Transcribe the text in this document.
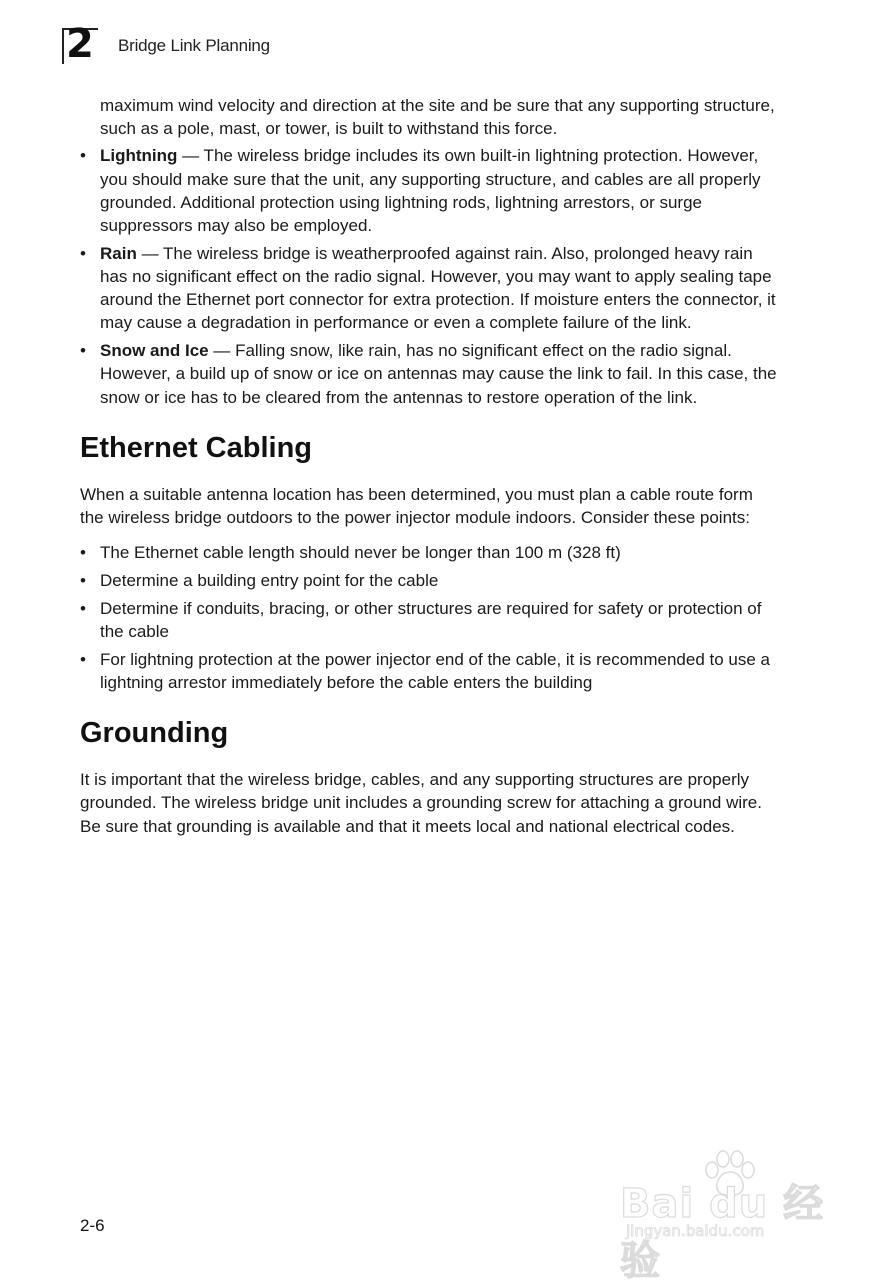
2 Bridge Link Planning

maximum wind velocity and direction at the site and be sure that any supporting structure, such as a pole, mast, or tower, is built to withstand this force.

• Lightning — The wireless bridge includes its own built-in lightning protection. However, you should make sure that the unit, any supporting structure, and cables are all properly grounded. Additional protection using lightning rods, lightning arrestors, or surge suppressors may also be employed.
• Rain — The wireless bridge is weatherproofed against rain. Also, prolonged heavy rain has no significant effect on the radio signal. However, you may want to apply sealing tape around the Ethernet port connector for extra protection. If moisture enters the connector, it may cause a degradation in performance or even a complete failure of the link.
• Snow and Ice — Falling snow, like rain, has no significant effect on the radio signal. However, a build up of snow or ice on antennas may cause the link to fail. In this case, the snow or ice has to be cleared from the antennas to restore operation of the link.
Ethernet Cabling

When a suitable antenna location has been determined, you must plan a cable route form the wireless bridge outdoors to the power injector module indoors. Consider these points:

• The Ethernet cable length should never be longer than 100 m (328 ft)
• Determine a building entry point for the cable
• Determine if conduits, bracing, or other structures are required for safety or protection of the cable
• For lightning protection at the power injector end of the cable, it is recommended to use a lightning arrestor immediately before the cable enters the building
Grounding

It is important that the wireless bridge, cables, and any supporting structures are properly grounded. The wireless bridge unit includes a grounding screw for attaching a ground wire. Be sure that grounding is available and that it meets local and national electrical codes.

2-6	Bai du 经验
jingyan.baidu.com
